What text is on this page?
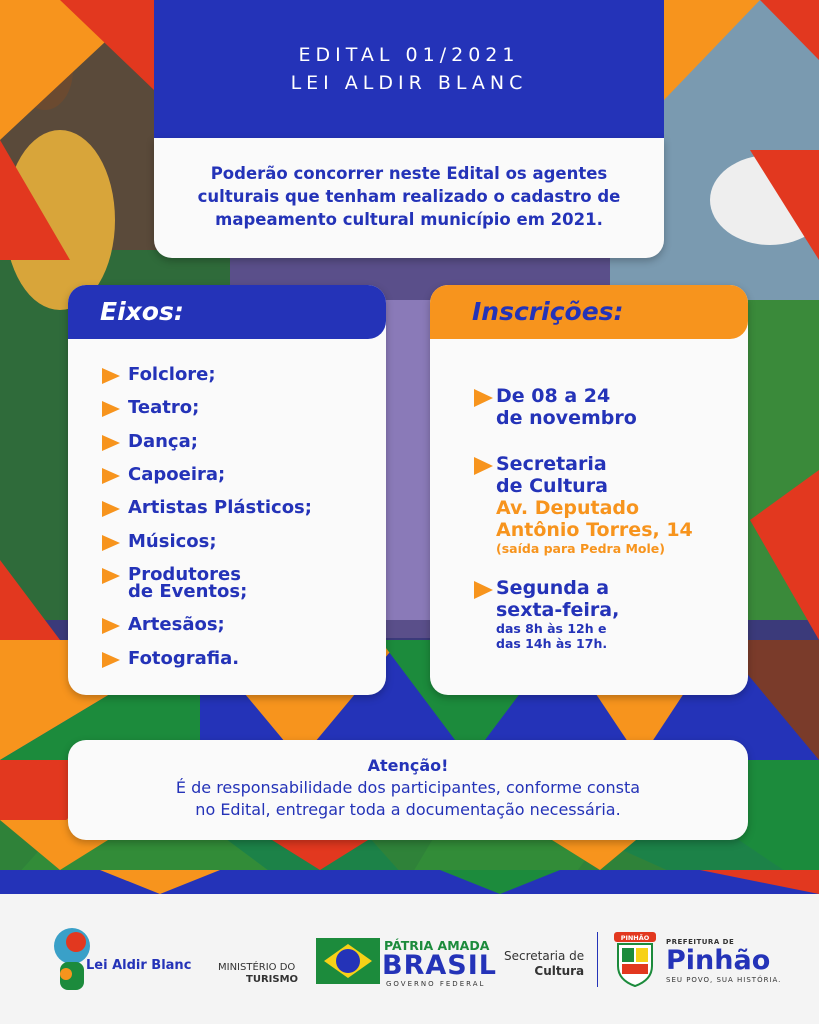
EDITAL 01/2021
LEI ALDIR BLANC

Poderão concorrer neste Edital os agentes culturais que tenham realizado o cadastro de mapeamento cultural município em 2021.

Eixos:
Folclore;
Teatro;
Dança;
Capoeira;
Artistas Plásticos;
Músicos;
Produtores
de Eventos;
Artesãos;
Fotografia.
Inscrições:
De 08 a 24
de novembro
Secretaria
de Cultura
Av. Deputado
Antônio Torres, 14
(saída para Pedra Mole)
Segunda a
sexta-feira,
das 8h às 12h e
das 14h às 17h.
Atenção!
É de responsabilidade dos participantes, conforme consta
no Edital, entregar toda a documentação necessária.
Lei Aldir Blanc	MINISTÉRIO DO
TURISMO
PÁTRIA AMADA
BRASIL
GOVERNO FEDERAL
Secretaria de
Cultura
PINHÃO PREFEITURA DE
Pinhão
SEU POVO, SUA HISTÓRIA.
